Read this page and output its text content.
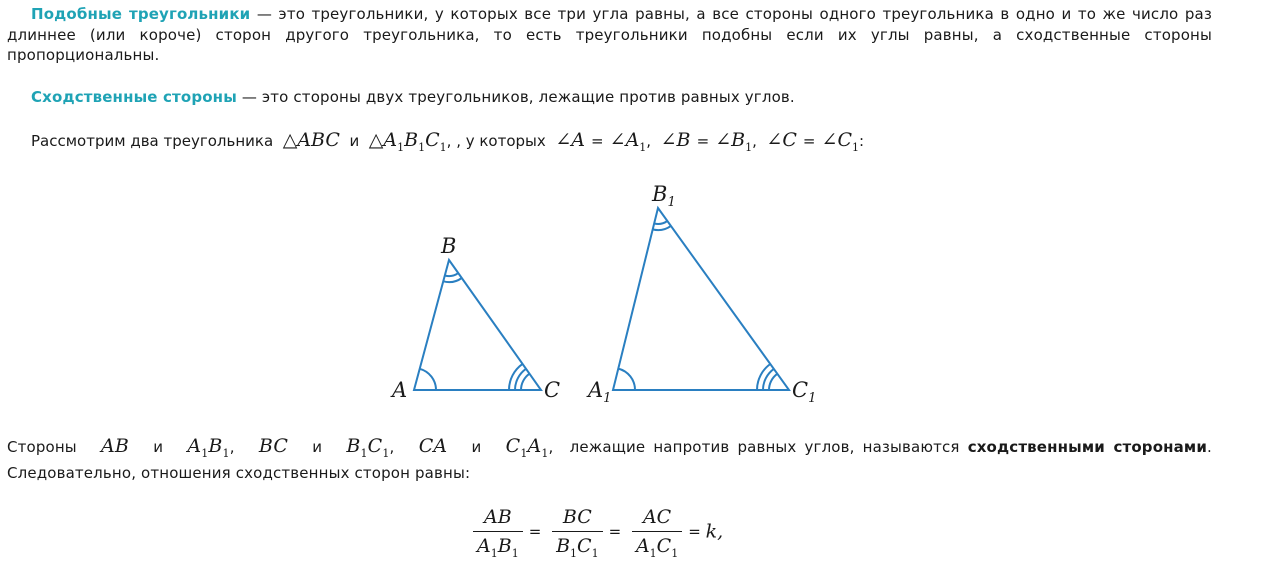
Подобные треугольники — это треугольники, у которых все три угла равны, а все стороны одного треугольника в одно и то же число раз длиннее (или короче) сторон другого треугольника, то есть треугольники подобны если их углы равны, а сходственные стороны пропорциональны.
Сходственные стороны — это стороны двух треугольников, лежащие против равных углов.
Рассмотрим два треугольника △ABC и $\triangle A_1B_1C_1$, , у которых ∠A = $\angle A_1$, ∠B = $\angle B_1$, ∠C = $\angle C_1$:
A
B
C $A_1$
$B_1$
$C_1$
Стороны AB и $A_1B_1$, BC и $B_1C_1$, CA и $C_1A_1$, лежащие напротив равных углов, называются сходственными сторонами. Следовательно, отношения сходственных сторон равны:
$\frac{AB}{A_1B_1} = \frac{BC}{B_1C_1} = \frac{AC}{A_1C_1} = k$,
